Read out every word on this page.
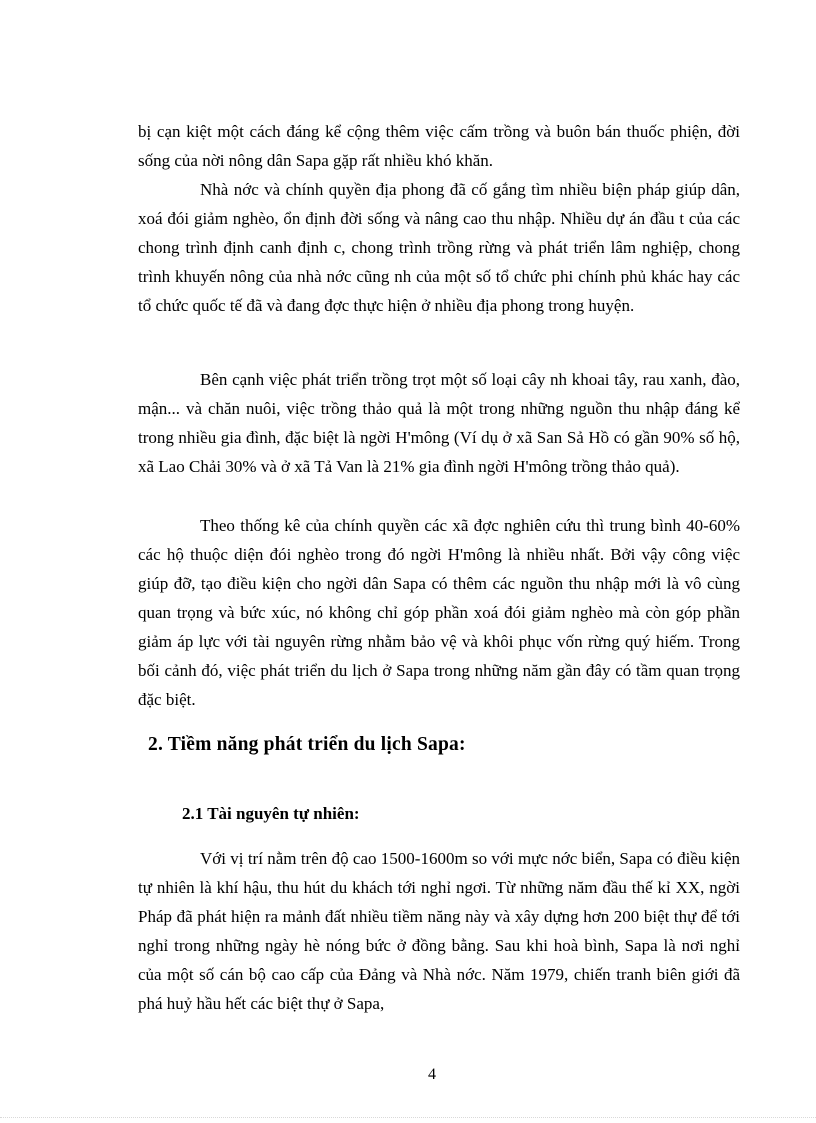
bị cạn kiệt một cách đáng kể cộng thêm việc cấm trồng và buôn bán thuốc phiện, đời sống của nời nông dân Sapa gặp rất nhiều khó khăn.

Nhà nớc và chính quyền địa phong đã cố gắng tìm nhiều biện pháp giúp dân, xoá đói giảm nghèo, ổn định đời sống và nâng cao thu nhập. Nhiều dự án đầu t của các chong trình định canh định c, chong trình trồng rừng và phát triển lâm nghiệp, chong trình khuyến nông của nhà nớc cũng nh của một số tổ chức phi chính phủ khác hay các tổ chức quốc tế đã và đang đợc thực hiện ở nhiều địa phong trong huyện.

Bên cạnh việc phát triển trồng trọt một số loại cây nh khoai tây, rau xanh, đào, mận... và chăn nuôi, việc trồng thảo quả là một trong những nguồn thu nhập đáng kể trong nhiều gia đình, đặc biệt là ngời H'mông (Ví dụ ở xã San Sả Hồ có gần 90% số hộ, xã Lao Chải 30% và ở xã Tả Van là 21% gia đình ngời H'mông trồng thảo quả).

Theo thống kê của chính quyền các xã đợc nghiên cứu thì trung bình 40-60% các hộ thuộc diện đói nghèo trong đó ngời H'mông là nhiều nhất. Bởi vậy công việc giúp đỡ, tạo điều kiện cho ngời dân Sapa có thêm các nguồn thu nhập mới là vô cùng quan trọng và bức xúc, nó không chỉ góp phần xoá đói giảm nghèo mà còn góp phần giảm áp lực với tài nguyên rừng nhằm bảo vệ và khôi phục vốn rừng quý hiếm. Trong bối cảnh đó, việc phát triển du lịch ở Sapa trong những năm gần đây có tầm quan trọng đặc biệt.

2. Tiềm năng phát triển du lịch Sapa:
2.1 Tài nguyên tự nhiên:

Với vị trí nằm trên độ cao 1500-1600m so với mực nớc biển, Sapa có điều kiện tự nhiên là khí hậu, thu hút du khách tới nghỉ ngơi. Từ những năm đầu thế kỉ XX, ngời Pháp đã phát hiện ra mảnh đất nhiều tiềm năng này và xây dựng hơn 200 biệt thự để tới nghỉ trong những ngày hè nóng bức ở đồng bằng. Sau khi hoà bình, Sapa là nơi nghỉ của một số cán bộ cao cấp của Đảng và Nhà nớc. Năm 1979, chiến tranh biên giới đã phá huỷ hầu hết các biệt thự ở Sapa,

4
